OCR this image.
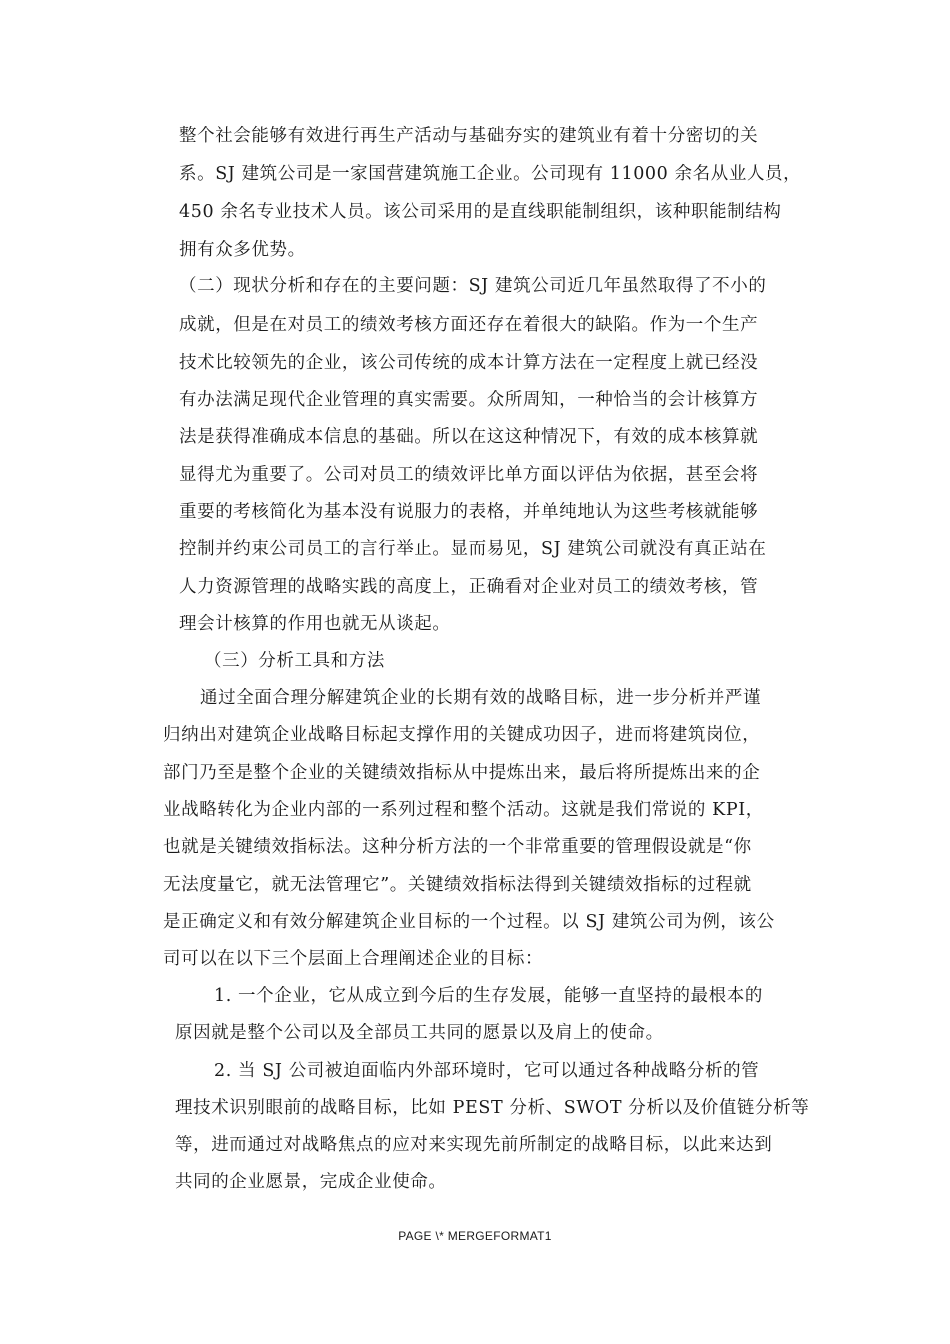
整个社会能够有效进行再生产活动与基础夯实的建筑业有着十分密切的关
系。SJ 建筑公司是一家国营建筑施工企业。公司现有 11000 余名从业人员，
450 余名专业技术人员。该公司采用的是直线职能制组织，该种职能制结构
拥有众多优势。
（二）现状分析和存在的主要问题：SJ 建筑公司近几年虽然取得了不小的
成就，但是在对员工的绩效考核方面还存在着很大的缺陷。作为一个生产
技术比较领先的企业，该公司传统的成本计算方法在一定程度上就已经没
有办法满足现代企业管理的真实需要。众所周知，一种恰当的会计核算方
法是获得准确成本信息的基础。所以在这这种情况下，有效的成本核算就
显得尤为重要了。公司对员工的绩效评比单方面以评估为依据，甚至会将
重要的考核简化为基本没有说服力的表格，并单纯地认为这些考核就能够
控制并约束公司员工的言行举止。显而易见，SJ 建筑公司就没有真正站在
人力资源管理的战略实践的高度上，正确看对企业对员工的绩效考核，管
理会计核算的作用也就无从谈起。
（三）分析工具和方法
通过全面合理分解建筑企业的长期有效的战略目标，进一步分析并严谨
归纳出对建筑企业战略目标起支撑作用的关键成功因子，进而将建筑岗位，
部门乃至是整个企业的关键绩效指标从中提炼出来，最后将所提炼出来的企
业战略转化为企业内部的一系列过程和整个活动。这就是我们常说的 KPI，
也就是关键绩效指标法。这种分析方法的一个非常重要的管理假设就是“你
无法度量它，就无法管理它”。关键绩效指标法得到关键绩效指标的过程就
是正确定义和有效分解建筑企业目标的一个过程。以 SJ 建筑公司为例，该公
司可以在以下三个层面上合理阐述企业的目标：
1. 一个企业，它从成立到今后的生存发展，能够一直坚持的最根本的
原因就是整个公司以及全部员工共同的愿景以及肩上的使命。
2. 当 SJ 公司被迫面临内外部环境时，它可以通过各种战略分析的管
理技术识别眼前的战略目标，比如 PEST 分析、SWOT 分析以及价值链分析等
等，进而通过对战略焦点的应对来实现先前所制定的战略目标，以此来达到
共同的企业愿景，完成企业使命。
PAGE \* MERGEFORMAT1
